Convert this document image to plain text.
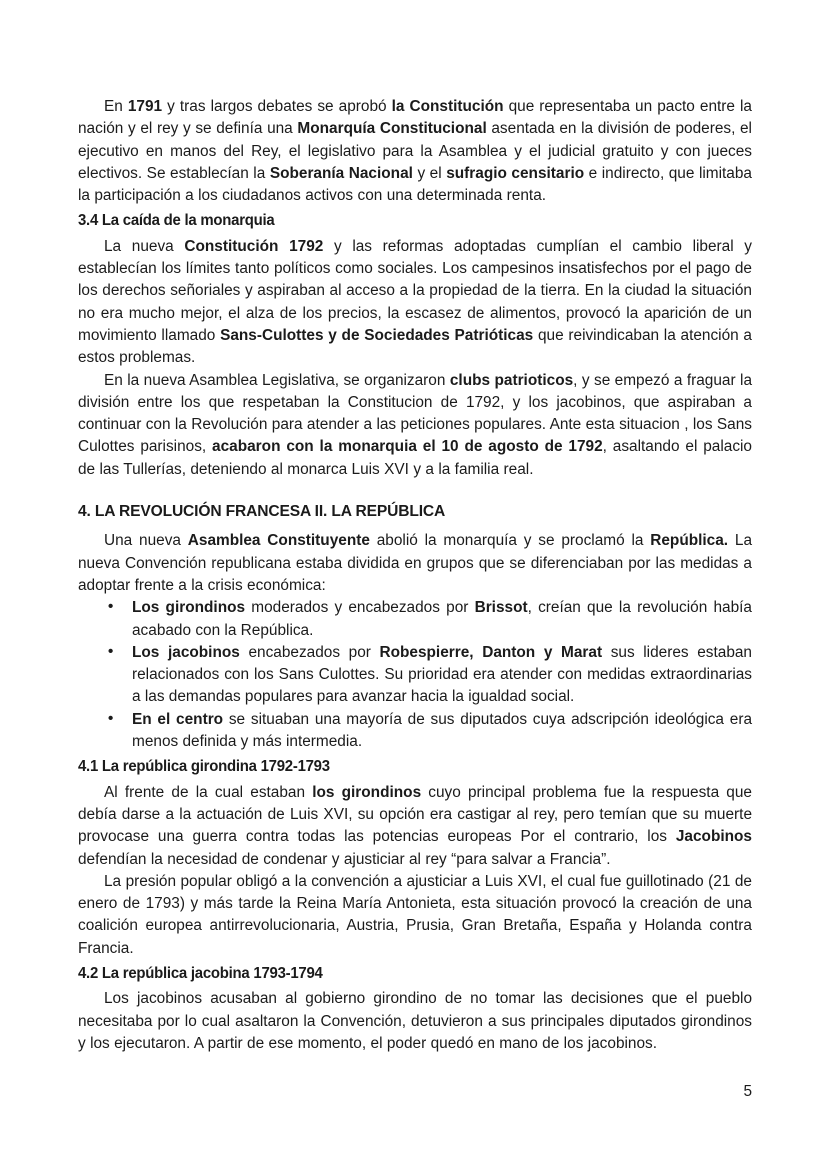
En 1791 y tras largos debates se aprobó la Constitución que representaba un pacto entre la nación y el rey y se definía una Monarquía Constitucional asentada en la división de poderes, el ejecutivo en manos del Rey, el legislativo para la Asamblea y el judicial gratuito y con jueces electivos. Se establecían la Soberanía Nacional y el sufragio censitario e indirecto, que limitaba la participación a los ciudadanos activos con una determinada renta.

3.4 La caída de la monarquia

La nueva Constitución 1792 y las reformas adoptadas cumplían el cambio liberal y establecían los límites tanto políticos como sociales. Los campesinos insatisfechos por el pago de los derechos señoriales y aspiraban al acceso a la propiedad de la tierra. En la ciudad la situación no era mucho mejor, el alza de los precios, la escasez de alimentos, provocó la aparición de un movimiento llamado Sans-Culottes y de Sociedades Patrióticas que reivindicaban la atención a estos problemas.

En la nueva Asamblea Legislativa, se organizaron clubs patrioticos, y se empezó a fraguar la división entre los que respetaban la Constitucion de 1792, y los jacobinos, que aspiraban a continuar con la Revolución para atender a las peticiones populares. Ante esta situacion , los Sans Culottes parisinos, acabaron con la monarquia el 10 de agosto de 1792, asaltando el palacio de las Tullerías, deteniendo al monarca Luis XVI y a la familia real.

4. LA REVOLUCIÓN FRANCESA II. LA REPÚBLICA

Una nueva Asamblea Constituyente abolió la monarquía y se proclamó la República. La nueva Convención republicana estaba dividida en grupos que se diferenciaban por las medidas a adoptar frente a la crisis económica:

• Los girondinos moderados y encabezados por Brissot, creían que la revolución había acabado con la República.
• Los jacobinos encabezados por Robespierre, Danton y Marat sus lideres estaban relacionados con los Sans Culottes. Su prioridad era atender con medidas extraordinarias a las demandas populares para avanzar hacia la igualdad social.
• En el centro se situaban una mayoría de sus diputados cuya adscripción ideológica era menos definida y más intermedia.
4.1 La república girondina 1792-1793

Al frente de la cual estaban los girondinos cuyo principal problema fue la respuesta que debía darse a la actuación de Luis XVI, su opción era castigar al rey, pero temían que su muerte provocase una guerra contra todas las potencias europeas Por el contrario, los Jacobinos defendían la necesidad de condenar y ajusticiar al rey “para salvar a Francia”.

La presión popular obligó a la convención a ajusticiar a Luis XVI, el cual fue guillotinado (21 de enero de 1793) y más tarde la Reina María Antonieta, esta situación provocó la creación de una coalición europea antirrevolucionaria, Austria, Prusia, Gran Bretaña, España y Holanda contra Francia.

4.2 La república jacobina 1793-1794

Los jacobinos acusaban al gobierno girondino de no tomar las decisiones que el pueblo necesitaba por lo cual asaltaron la Convención, detuvieron a sus principales diputados girondinos y los ejecutaron. A partir de ese momento, el poder quedó en mano de los jacobinos.

5
